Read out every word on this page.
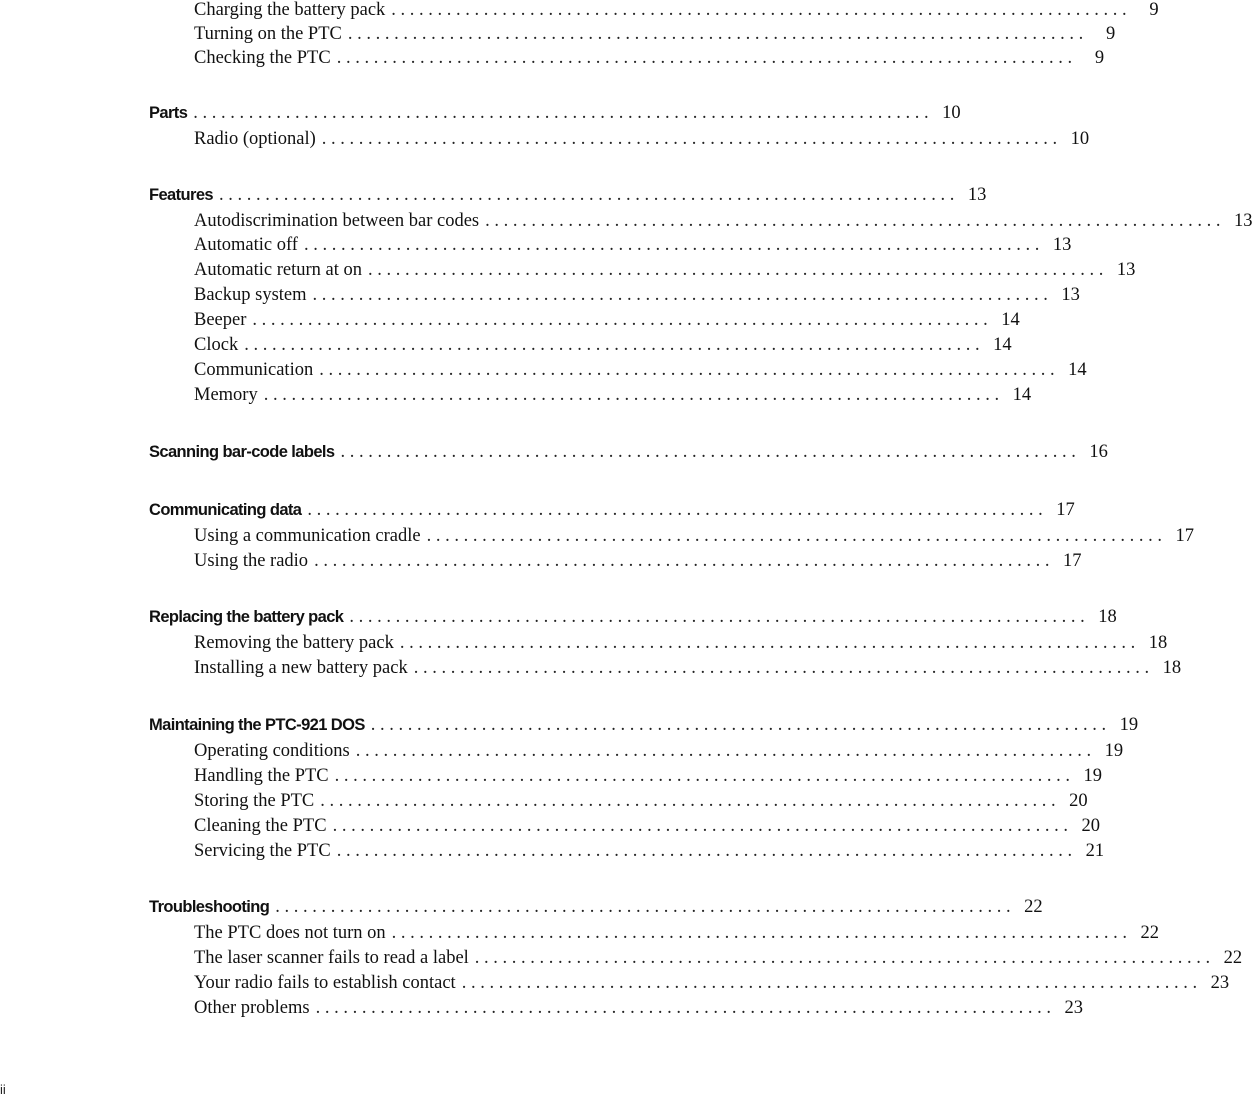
Charging the battery pack . . . . . . . . . . . . . . . . . . . . . . . . . . . . . . . . . . . . . . . . . . . . . . . . . . . . . . . . . . . . . . . . . . . . . . . . . . . . . . . .	9
Turning on the PTC . . . . . . . . . . . . . . . . . . . . . . . . . . . . . . . . . . . . . . . . . . . . . . . . . . . . . . . . . . . . . . . . . . . . . . . . . . . . . . . .	9
Checking the PTC . . . . . . . . . . . . . . . . . . . . . . . . . . . . . . . . . . . . . . . . . . . . . . . . . . . . . . . . . . . . . . . . . . . . . . . . . . . . . . . .	9
Parts . . . . . . . . . . . . . . . . . . . . . . . . . . . . . . . . . . . . . . . . . . . . . . . . . . . . . . . . . . . . . . . . . . . . . . . . . . . . . . . . 10
Radio (optional) . . . . . . . . . . . . . . . . . . . . . . . . . . . . . . . . . . . . . . . . . . . . . . . . . . . . . . . . . . . . . . . . . . . . . . . . . . . . . . . . 10
Features . . . . . . . . . . . . . . . . . . . . . . . . . . . . . . . . . . . . . . . . . . . . . . . . . . . . . . . . . . . . . . . . . . . . . . . . . . . . . . . . 13
Autodiscrimination between bar codes . . . . . . . . . . . . . . . . . . . . . . . . . . . . . . . . . . . . . . . . . . . . . . . . . . . . . . . . . . . . . . . . . . . . . . . . . . . . . . . . 13
Automatic off . . . . . . . . . . . . . . . . . . . . . . . . . . . . . . . . . . . . . . . . . . . . . . . . . . . . . . . . . . . . . . . . . . . . . . . . . . . . . . . . 13
Automatic return at on . . . . . . . . . . . . . . . . . . . . . . . . . . . . . . . . . . . . . . . . . . . . . . . . . . . . . . . . . . . . . . . . . . . . . . . . . . . . . . . . 13
Backup system . . . . . . . . . . . . . . . . . . . . . . . . . . . . . . . . . . . . . . . . . . . . . . . . . . . . . . . . . . . . . . . . . . . . . . . . . . . . . . . . 13
Beeper . . . . . . . . . . . . . . . . . . . . . . . . . . . . . . . . . . . . . . . . . . . . . . . . . . . . . . . . . . . . . . . . . . . . . . . . . . . . . . . . 14
Clock . . . . . . . . . . . . . . . . . . . . . . . . . . . . . . . . . . . . . . . . . . . . . . . . . . . . . . . . . . . . . . . . . . . . . . . . . . . . . . . . 14
Communication . . . . . . . . . . . . . . . . . . . . . . . . . . . . . . . . . . . . . . . . . . . . . . . . . . . . . . . . . . . . . . . . . . . . . . . . . . . . . . . . 14
Memory . . . . . . . . . . . . . . . . . . . . . . . . . . . . . . . . . . . . . . . . . . . . . . . . . . . . . . . . . . . . . . . . . . . . . . . . . . . . . . . . 14
Scanning bar-code labels . . . . . . . . . . . . . . . . . . . . . . . . . . . . . . . . . . . . . . . . . . . . . . . . . . . . . . . . . . . . . . . . . . . . . . . . . . . . . . . . 16
Communicating data . . . . . . . . . . . . . . . . . . . . . . . . . . . . . . . . . . . . . . . . . . . . . . . . . . . . . . . . . . . . . . . . . . . . . . . . . . . . . . . . 17
Using a communication cradle . . . . . . . . . . . . . . . . . . . . . . . . . . . . . . . . . . . . . . . . . . . . . . . . . . . . . . . . . . . . . . . . . . . . . . . . . . . . . . . . 17
Using the radio . . . . . . . . . . . . . . . . . . . . . . . . . . . . . . . . . . . . . . . . . . . . . . . . . . . . . . . . . . . . . . . . . . . . . . . . . . . . . . . . 17
Replacing the battery pack . . . . . . . . . . . . . . . . . . . . . . . . . . . . . . . . . . . . . . . . . . . . . . . . . . . . . . . . . . . . . . . . . . . . . . . . . . . . . . . . 18
Removing the battery pack . . . . . . . . . . . . . . . . . . . . . . . . . . . . . . . . . . . . . . . . . . . . . . . . . . . . . . . . . . . . . . . . . . . . . . . . . . . . . . . . 18
Installing a new battery pack . . . . . . . . . . . . . . . . . . . . . . . . . . . . . . . . . . . . . . . . . . . . . . . . . . . . . . . . . . . . . . . . . . . . . . . . . . . . . . . . 18
Maintaining the PTC-921 DOS . . . . . . . . . . . . . . . . . . . . . . . . . . . . . . . . . . . . . . . . . . . . . . . . . . . . . . . . . . . . . . . . . . . . . . . . . . . . . . . . 19
Operating conditions . . . . . . . . . . . . . . . . . . . . . . . . . . . . . . . . . . . . . . . . . . . . . . . . . . . . . . . . . . . . . . . . . . . . . . . . . . . . . . . . 19
Handling the PTC . . . . . . . . . . . . . . . . . . . . . . . . . . . . . . . . . . . . . . . . . . . . . . . . . . . . . . . . . . . . . . . . . . . . . . . . . . . . . . . . 19
Storing the PTC . . . . . . . . . . . . . . . . . . . . . . . . . . . . . . . . . . . . . . . . . . . . . . . . . . . . . . . . . . . . . . . . . . . . . . . . . . . . . . . . 20
Cleaning the PTC . . . . . . . . . . . . . . . . . . . . . . . . . . . . . . . . . . . . . . . . . . . . . . . . . . . . . . . . . . . . . . . . . . . . . . . . . . . . . . . . 20
Servicing the PTC . . . . . . . . . . . . . . . . . . . . . . . . . . . . . . . . . . . . . . . . . . . . . . . . . . . . . . . . . . . . . . . . . . . . . . . . . . . . . . . . 21
Troubleshooting . . . . . . . . . . . . . . . . . . . . . . . . . . . . . . . . . . . . . . . . . . . . . . . . . . . . . . . . . . . . . . . . . . . . . . . . . . . . . . . . 22
The PTC does not turn on . . . . . . . . . . . . . . . . . . . . . . . . . . . . . . . . . . . . . . . . . . . . . . . . . . . . . . . . . . . . . . . . . . . . . . . . . . . . . . . . 22
The laser scanner fails to read a label . . . . . . . . . . . . . . . . . . . . . . . . . . . . . . . . . . . . . . . . . . . . . . . . . . . . . . . . . . . . . . . . . . . . . . . . . . . . . . . . 22
Your radio fails to establish contact . . . . . . . . . . . . . . . . . . . . . . . . . . . . . . . . . . . . . . . . . . . . . . . . . . . . . . . . . . . . . . . . . . . . . . . . . . . . . . . . 23
Other problems . . . . . . . . . . . . . . . . . . . . . . . . . . . . . . . . . . . . . . . . . . . . . . . . . . . . . . . . . . . . . . . . . . . . . . . . . . . . . . . . 23
ii
